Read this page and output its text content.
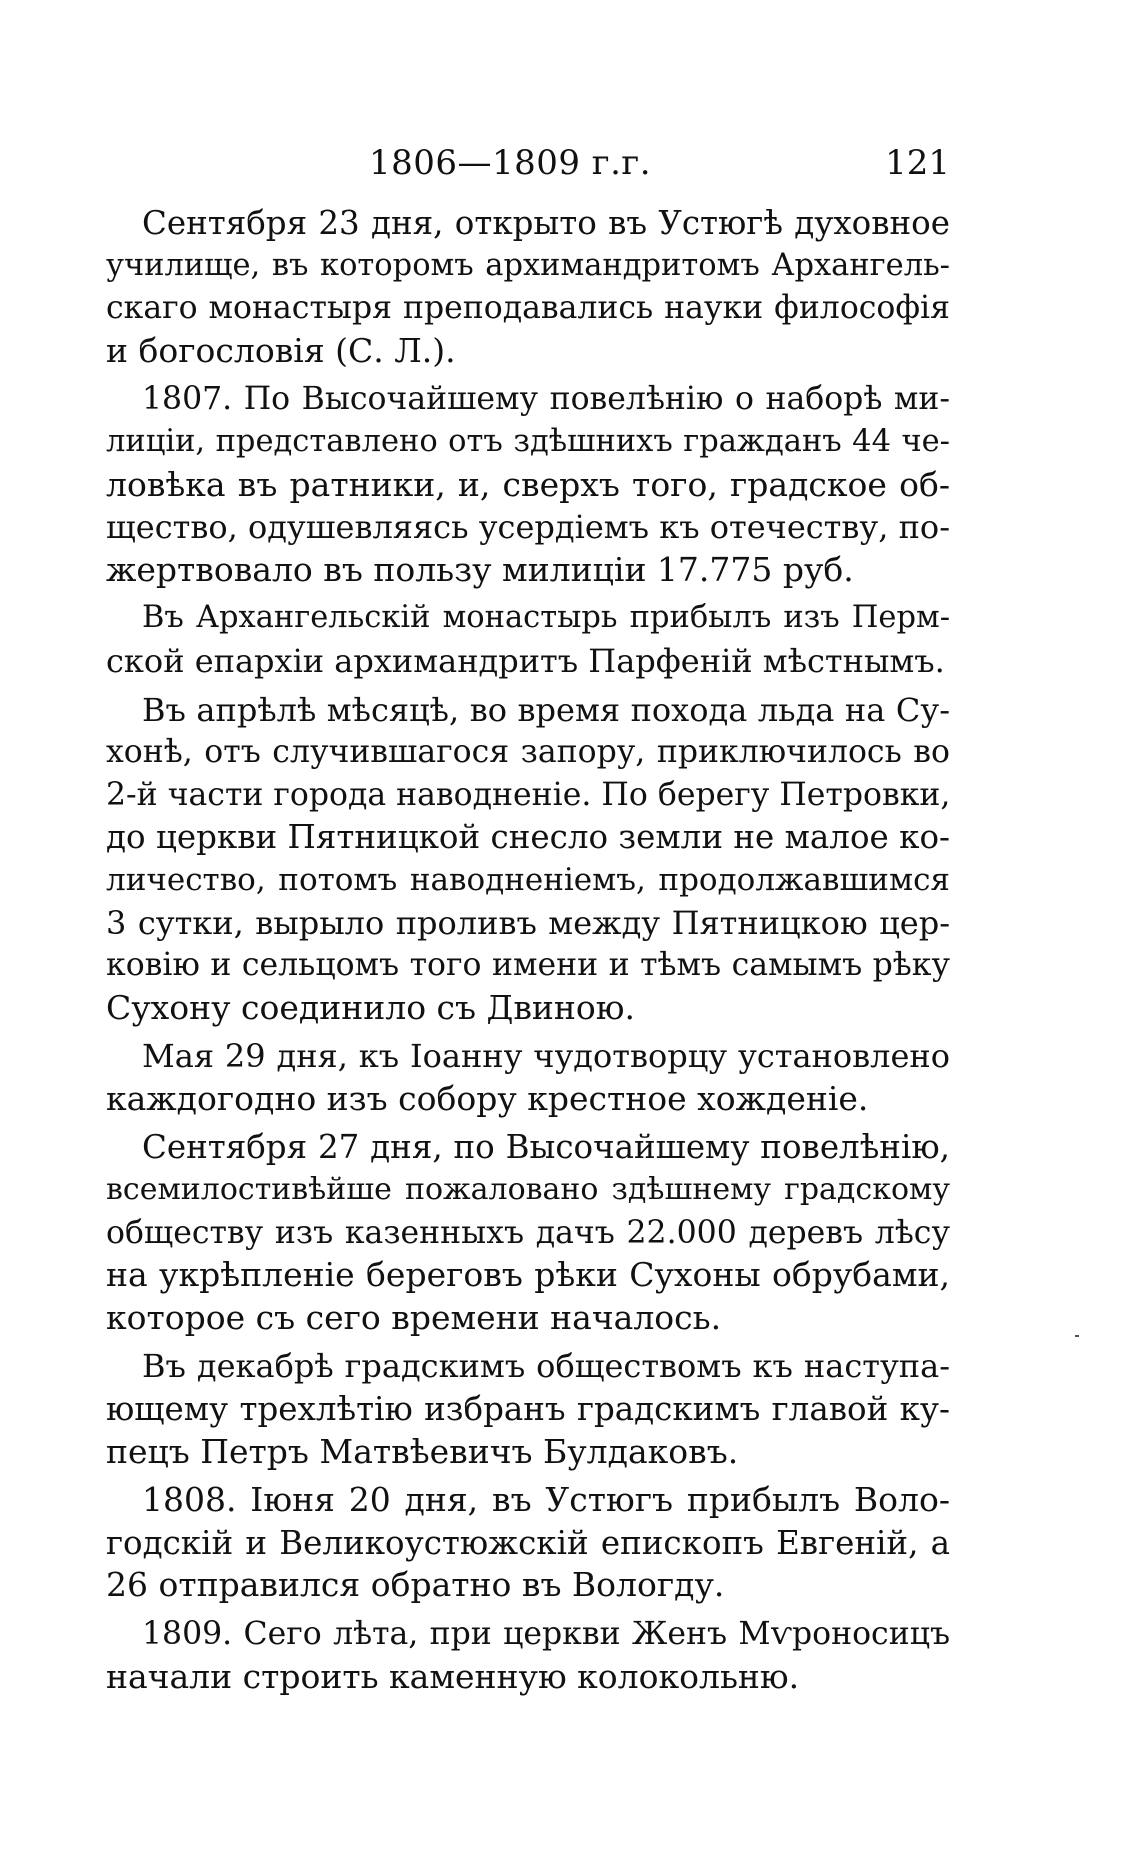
1806—1809 г.г.	121

Сентября 23 дня, открыто въ Устюгѣ духовное
училище, въ которомъ архимандритомъ Архангель-
скаго монастыря преподавались науки философія
и богословія (С. Л.).

1807. По Высочайшему повелѣнію о наборѣ ми-
лиціи, представлено отъ здѣшнихъ гражданъ 44 че-
ловѣка въ ратники, и, сверхъ того, градское об-
щество, одушевляясь усердіемъ къ отечеству, по-
жертвовало въ пользу милиціи 17.775 руб.

Въ Архангельскій монастырь прибылъ изъ Перм-
ской епархіи архимандритъ Парфеній мѣстнымъ.

Въ апрѣлѣ мѣсяцѣ, во время похода льда на Су-
хонѣ, отъ случившагося запору, приключилось во
2-й части города наводненіе. По берегу Петровки,
до церкви Пятницкой снесло земли не малое ко-
личество, потомъ наводненіемъ, продолжавшимся
3 сутки, вырыло проливъ между Пятницкою цер-
ковію и сельцомъ того имени и тѣмъ самымъ рѣку
Сухону соединило съ Двиною.

Мая 29 дня, къ Іоанну чудотворцу установлено
каждогодно изъ собору крестное хожденіе.

Сентября 27 дня, по Высочайшему повелѣнію,
всемилостивѣйше пожаловано здѣшнему градскому
обществу изъ казенныхъ дачъ 22.000 деревъ лѣсу
на укрѣпленіе береговъ рѣки Сухоны обрубами,
которое съ сего времени началось.

Въ декабрѣ градскимъ обществомъ къ наступа-
ющему трехлѣтію избранъ градскимъ главой ку-
пецъ Петръ Матвѣевичъ Булдаковъ.

1808. Іюня 20 дня, въ Устюгъ прибылъ Воло-
годскій и Великоустюжскій епископъ Евгеній, а
26 отправился обратно въ Вологду.

1809. Сего лѣта, при церкви Женъ Мѵроносицъ
начали строить каменную колокольню.
